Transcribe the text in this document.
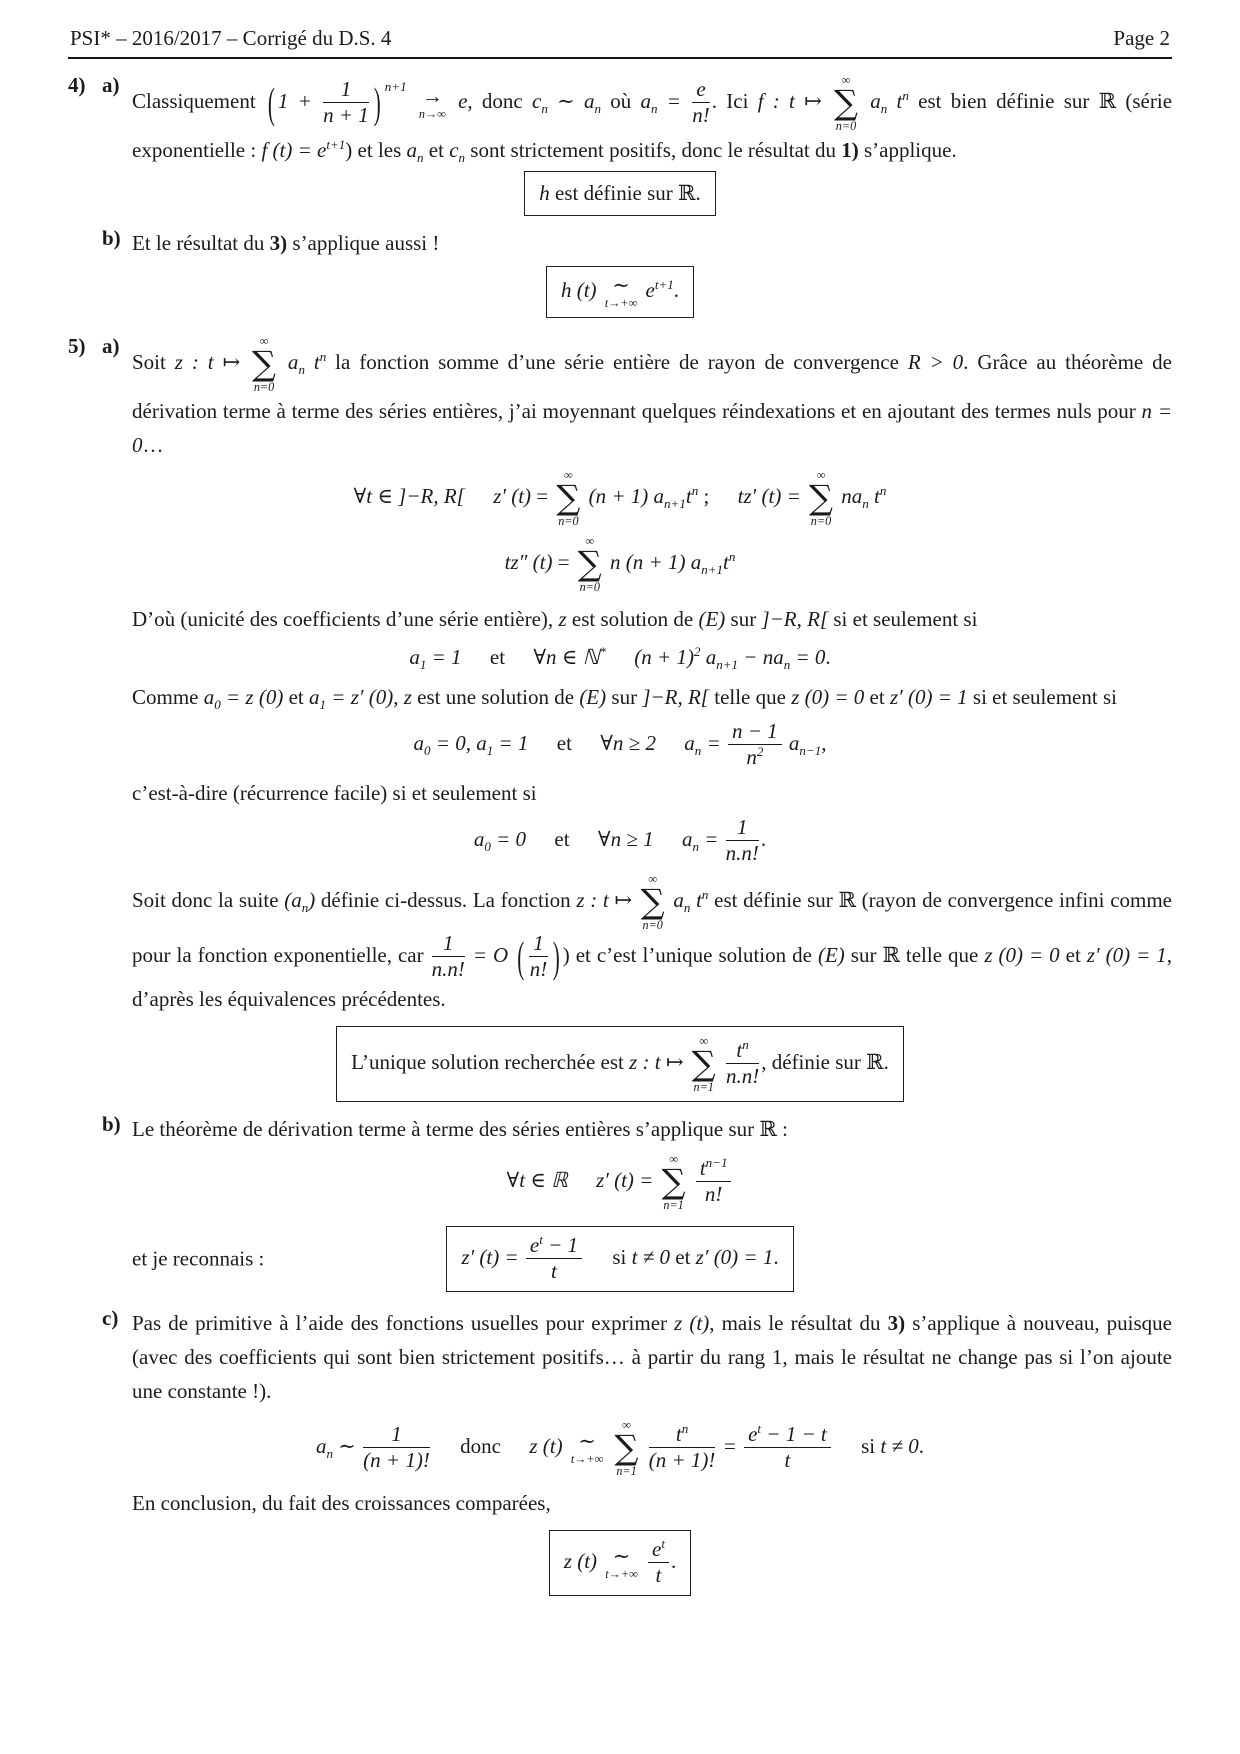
PSI* – 2016/2017 – Corrigé du D.S. 4	Page 2
4) a)
Classiquement ( $1 + \frac{1}{n + 1}$ ) $^{n+1}$ →
n→∞
e, donc $c_n$ ∼ $a_n$ où $a_n = \frac{e}{n!}$ . Ici f : t ↦
∞
∑
n=0
$a_n$ $t^n$ est bien définie sur ℝ (série exponentielle : f $(t) = e^{t+1}$) et les $a_n$ et $c_n$ sont strictement positifs, donc le résultat du 1) s’applique.
h est définie sur ℝ.
b) Et le résultat du 3) s’applique aussi !
h (t) ∼
t→+∞
$e^{t+1}$.
5) a)
Soit z : t ↦
∞
∑
n=0
$a_n$ $t^n$ la fonction somme d’une série entière de rayon de convergence R > 0. Grâce au théorème de dérivation terme à terme des séries entières, j’ai moyennant quelques réindexations et en ajoutant des termes nuls pour n = 0…
∀t ∈ ]−R, R[ z′ (t) =
∞
∑
n=0
(n + 1) $a_{n+1}t^n$ ; tz′ (t) =
∞
∑
n=0
$na_n$ $t^n$
tz″ (t) =
∞
∑
n=0
n (n + 1) $a_{n+1}t^n$
D’où (unicité des coefficients d’une série entière), z est solution de (E) sur ]−R, R[ si et seulement si
$a_1 = 1$ et ∀n ∈ ℕ* $(n + 1)^2$ $a_{n+1} - na_n = 0$.
Comme $a_0 = z$ (0) et $a_1 = z'$ (0), z est une solution de (E) sur ]−R, R[ telle que z (0) = 0 et z′ (0) = 1 si et seulement si
$a_0 = 0$, $a_1 = 1$ et ∀n ≥ 2 $a_n = \frac{n - 1}{n^2} a_{n-1}$,
c’est-à-dire (récurrence facile) si et seulement si
$a_0 = 0$ et ∀n ≥ 1 $a_n = \frac{1}{n.n!}$ .
Soit donc la suite $(a_n)$ définie ci-dessus. La fonction z : t ↦
∞
∑
n=0
$a_n$ $t^n$ est définie sur ℝ (rayon de convergence infini comme pour la fonction exponentielle, car $\frac{1}{n.n!} = O$ ( $\frac{1}{n!}$ ) ) et c’est l’unique solution de (E) sur ℝ telle que z (0) = 0 et z′ (0) = 1, d’après les équivalences précédentes.
L’unique solution recherchée est z : t ↦
∞
∑
n=1
$\frac{t^n}{n.n!}$ , définie sur ℝ.
b) Le théorème de dérivation terme à terme des séries entières s’applique sur ℝ :
∀t ∈ ℝ z′ (t) =
∞
∑
n=1
$\frac{t^{n-1}}{n!}$
et je reconnais :	z′ $(t) = \frac{e^t - 1}{t}$ si t ≠ 0 et z′ (0) = 1.
c) Pas de primitive à l’aide des fonctions usuelles pour exprimer z (t), mais le résultat du 3) s’applique à nouveau, puisque (avec des coefficients qui sont bien strictement positifs… à partir du rang 1, mais le résultat ne change pas si l’on ajoute une constante !).
$a_n$ ∼ $\frac{1}{(n + 1)!}$ donc z (t) ∼
t→+∞

∞
∑
n=1
$\frac{t^n}{(n + 1)!} = \frac{e^t - 1 - t}{t}$ si t ≠ 0.
En conclusion, du fait des croissances comparées,
z (t) ∼
t→+∞
$\frac{e^t}{t}$ .
